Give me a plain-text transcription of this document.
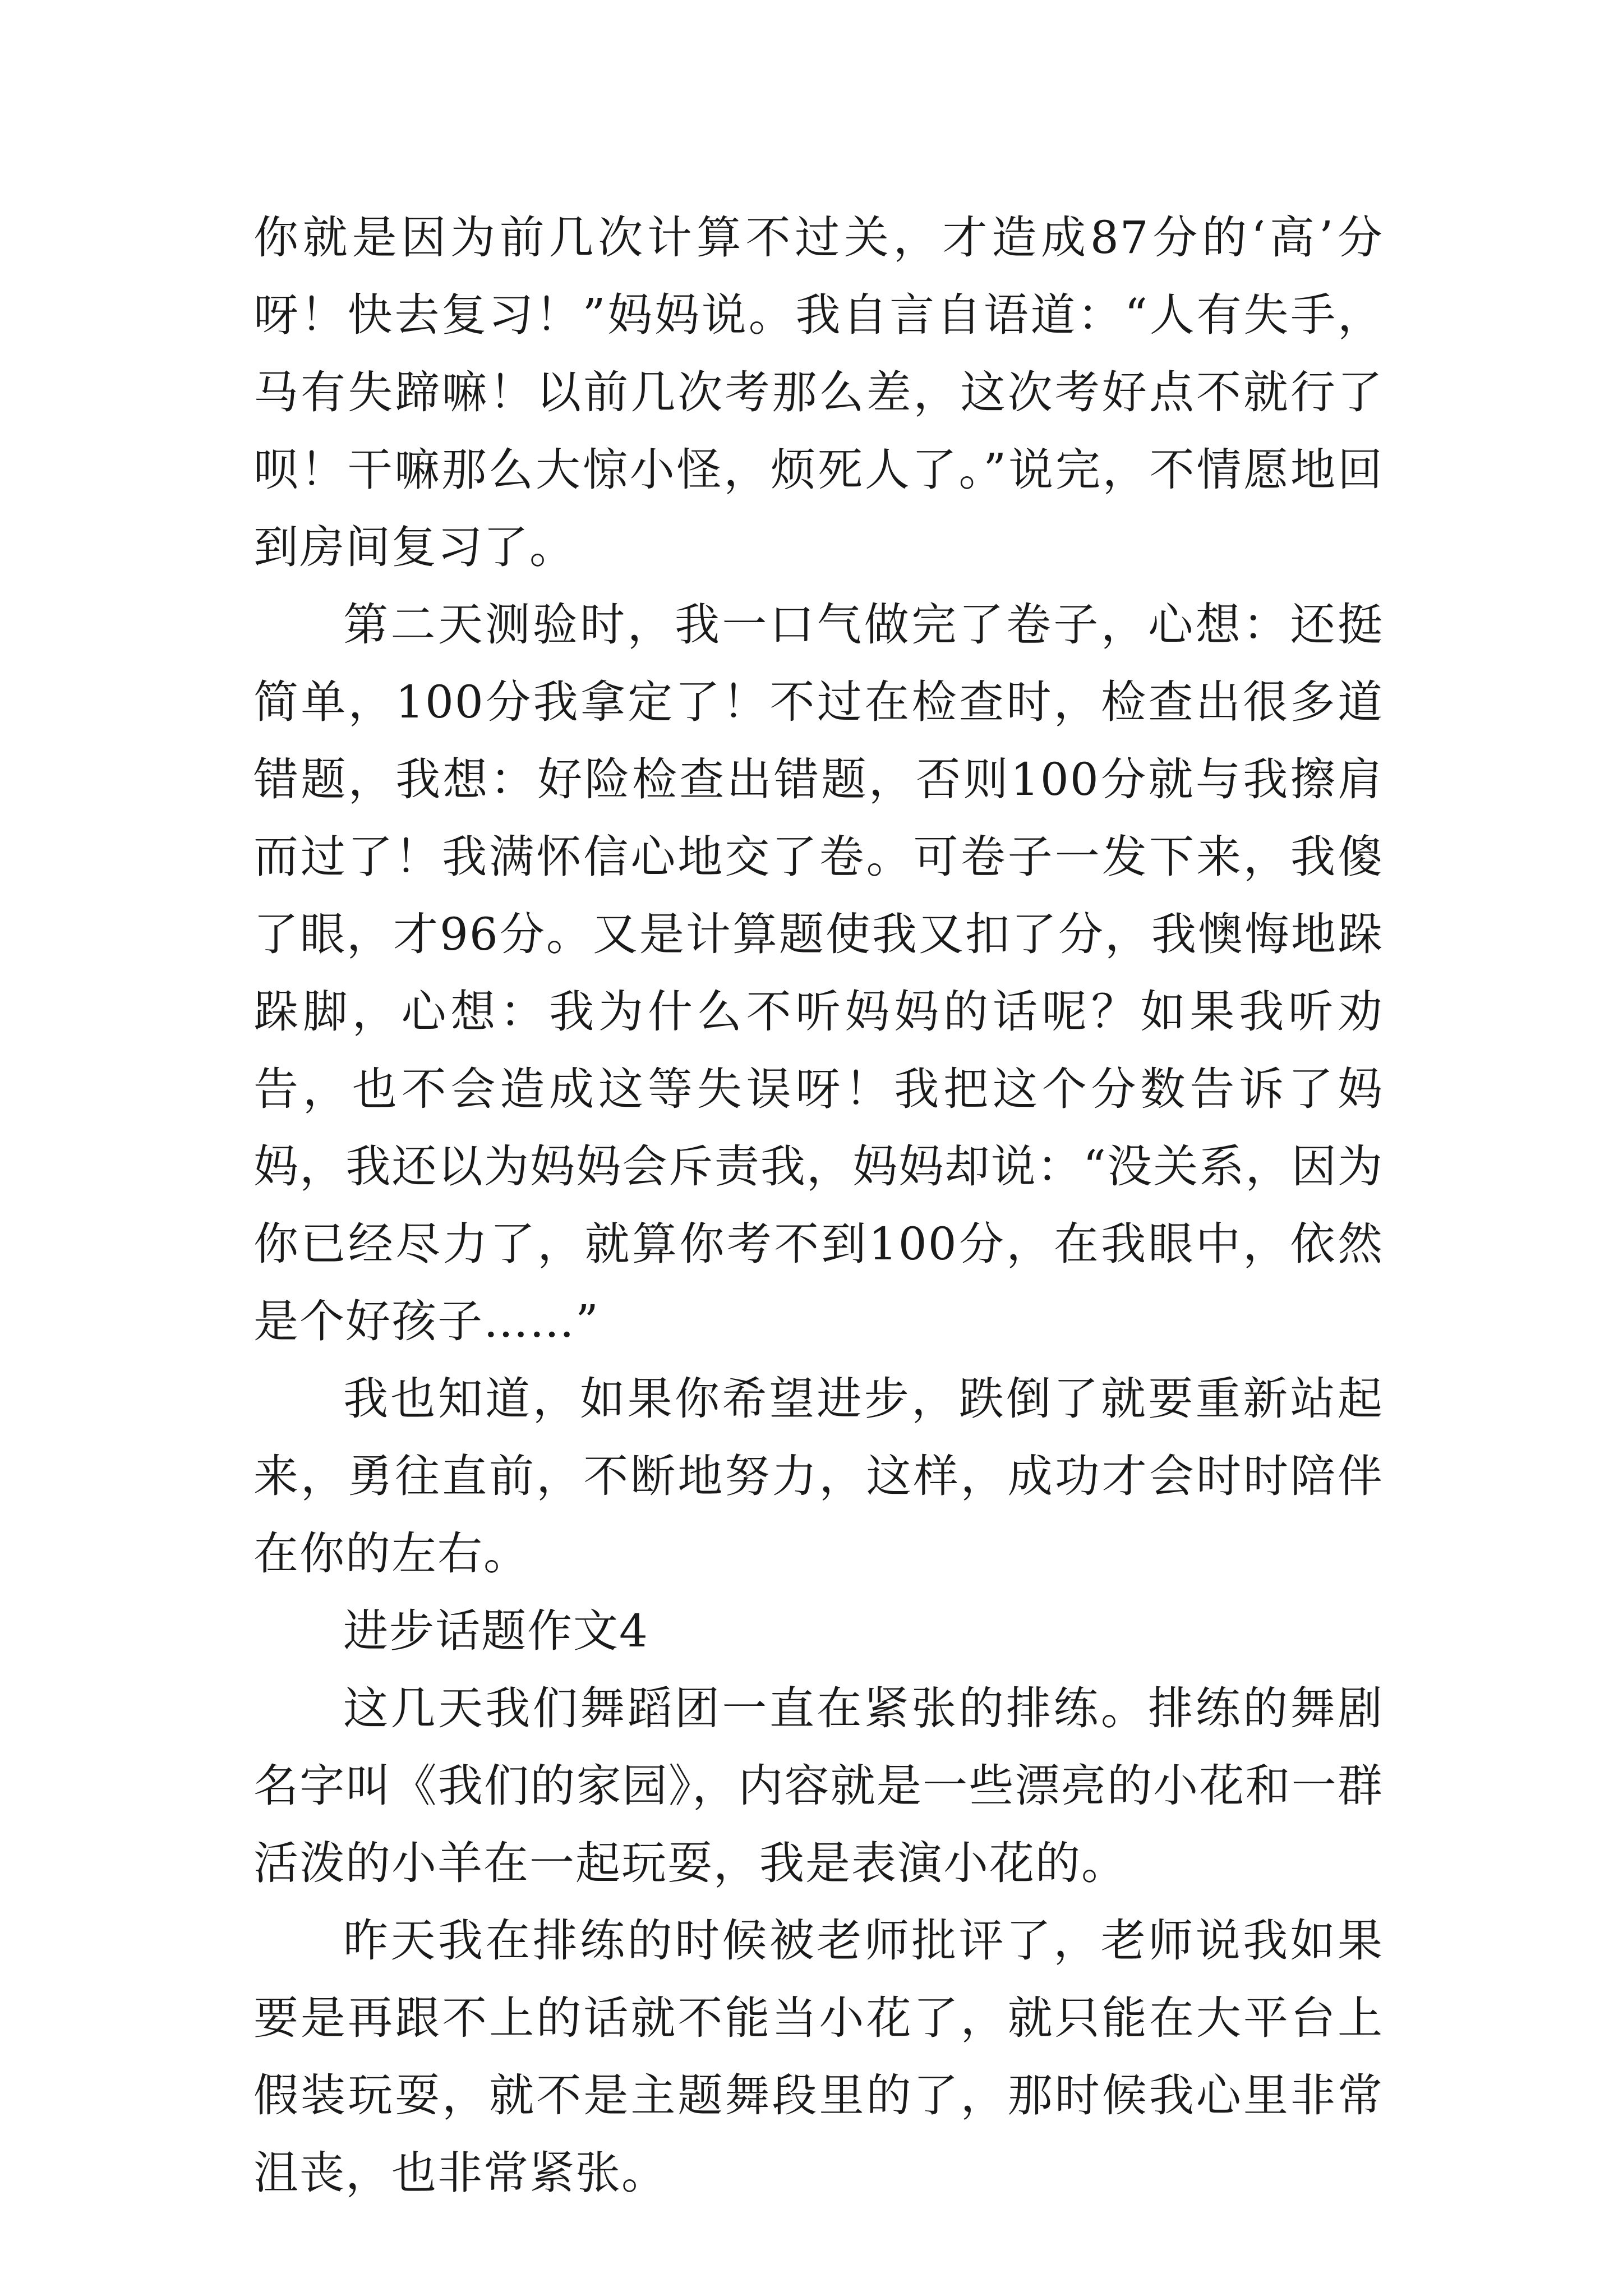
你就是因为前几次计算不过关，才造成87分的‘高’分呀！快去复习！”妈妈说。我自言自语道：“人有失手，马有失蹄嘛！以前几次考那么差，这次考好点不就行了呗！干嘛那么大惊小怪，烦死人了。”说完，不情愿地回到房间复习了。

第二天测验时，我一口气做完了卷子，心想：还挺简单，100分我拿定了！不过在检查时，检查出很多道错题，我想：好险检查出错题，否则100分就与我擦肩而过了！我满怀信心地交了卷。可卷子一发下来，我傻了眼，才96分。又是计算题使我又扣了分，我懊悔地跺跺脚，心想：我为什么不听妈妈的话呢？如果我听劝告，也不会造成这等失误呀！我把这个分数告诉了妈妈，我还以为妈妈会斥责我，妈妈却说：“没关系，因为你已经尽力了，就算你考不到100分，在我眼中，依然是个好孩子……”

我也知道，如果你希望进步，跌倒了就要重新站起来，勇往直前，不断地努力，这样，成功才会时时陪伴在你的左右。

进步话题作文4

这几天我们舞蹈团一直在紧张的排练。排练的舞剧名字叫《我们的家园》，内容就是一些漂亮的小花和一群活泼的小羊在一起玩耍，我是表演小花的。

昨天我在排练的时候被老师批评了，老师说我如果要是再跟不上的话就不能当小花了，就只能在大平台上假装玩耍，就不是主题舞段里的了，那时候我心里非常沮丧，也非常紧张。
